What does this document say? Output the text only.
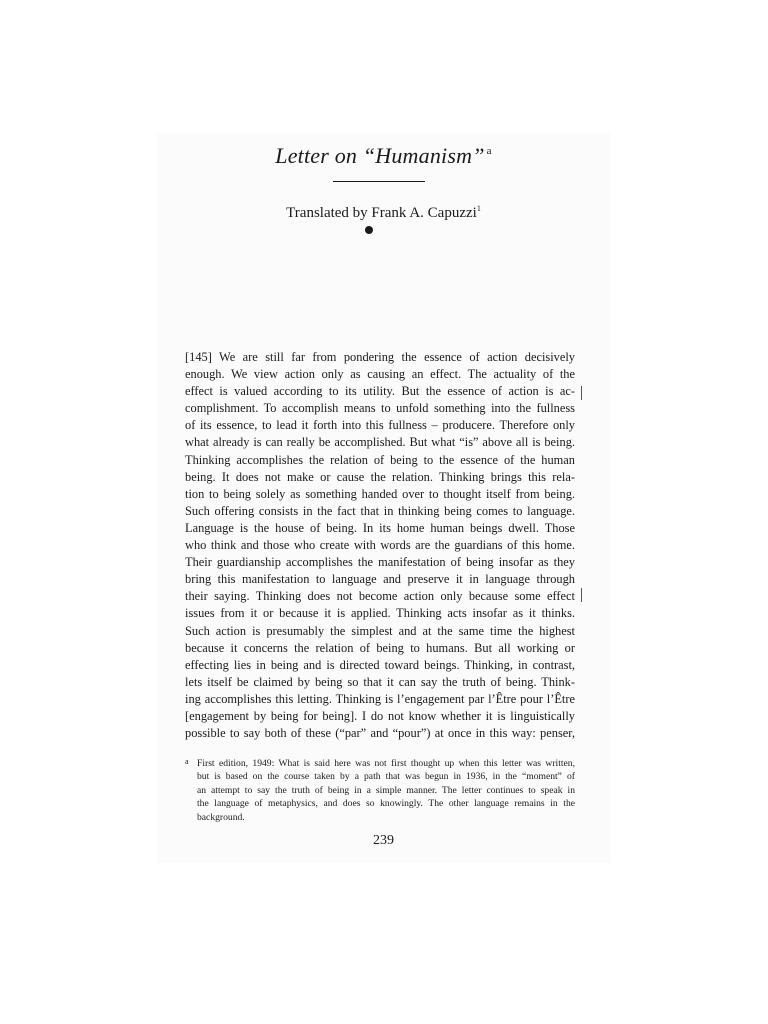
Letter on “Humanism” $^a$
Translated by Frank A. Capuzzi$^1$
[145] We are still far from pondering the essence of action decisively
enough. We view action only as causing an effect. The actuality of the
effect is valued according to its utility. But the essence of action is ac-
complishment. To accomplish means to unfold something into the fullness
of its essence, to lead it forth into this fullness – producere. Therefore only
what already is can really be accomplished. But what “is” above all is being.
Thinking accomplishes the relation of being to the essence of the human
being. It does not make or cause the relation. Thinking brings this rela-
tion to being solely as something handed over to thought itself from being.
Such offering consists in the fact that in thinking being comes to language.
Language is the house of being. In its home human beings dwell. Those
who think and those who create with words are the guardians of this home.
Their guardianship accomplishes the manifestation of being insofar as they
bring this manifestation to language and preserve it in language through
their saying. Thinking does not become action only because some effect
issues from it or because it is applied. Thinking acts insofar as it thinks.
Such action is presumably the simplest and at the same time the highest
because it concerns the relation of being to humans. But all working or
effecting lies in being and is directed toward beings. Thinking, in contrast,
lets itself be claimed by being so that it can say the truth of being. Think-
ing accomplishes this letting. Thinking is l’engagement par l’Être pour l’Être
[engagement by being for being]. I do not know whether it is linguistically
possible to say both of these (“par” and “pour”) at once in this way: penser,
a First edition, 1949: What is said here was not first thought up when this letter was written,
but is based on the course taken by a path that was begun in 1936, in the “moment” of
an attempt to say the truth of being in a simple manner. The letter continues to speak in
the language of metaphysics, and does so knowingly. The other language remains in the
background.
239
